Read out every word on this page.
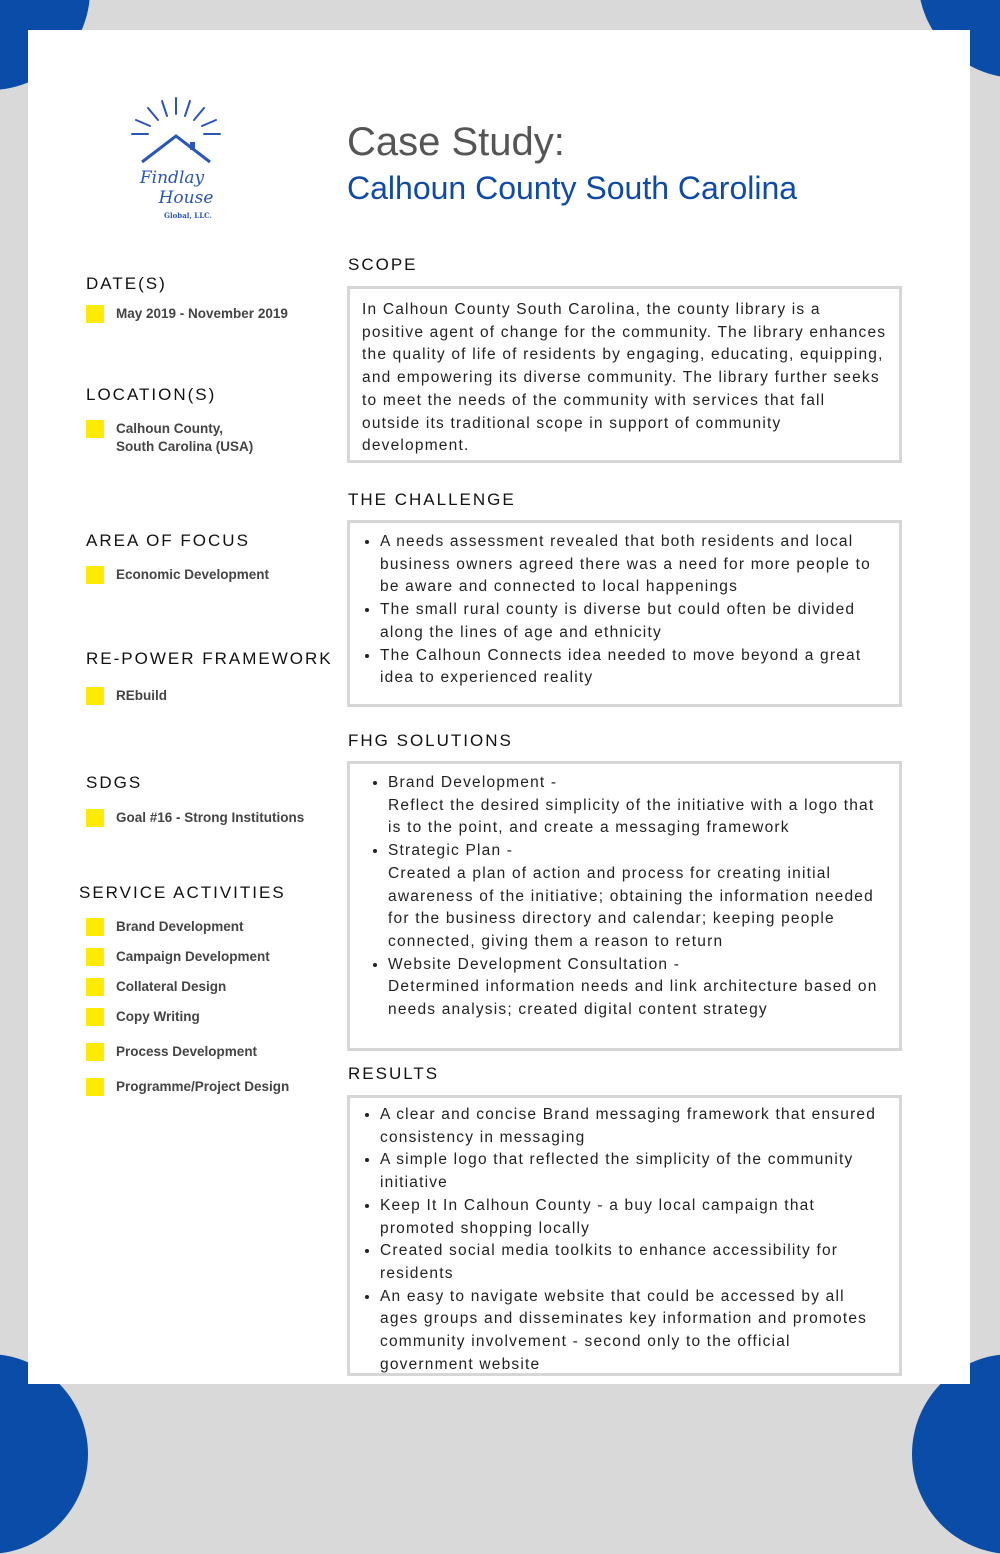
Findlay
House
Global, LLC.
Case Study:
Calhoun County South Carolina
DATE(S)
May 2019 - November 2019
LOCATION(S)
Calhoun County,
South Carolina (USA)
AREA OF FOCUS
Economic Development
RE-POWER FRAMEWORK
REbuild
SDGS
Goal #16 - Strong Institutions
SERVICE ACTIVITIES
Brand Development
Campaign Development
Collateral Design
Copy Writing
Process Development
Programme/Project Design
SCOPE

In Calhoun County South Carolina, the county library is a positive agent of change for the community. The library enhances the quality of life of residents by engaging, educating, equipping, and empowering its diverse community. The library further seeks to meet the needs of the community with services that fall outside its traditional scope in support of community development.

THE CHALLENGE
• A needs assessment revealed that both residents and local business owners agreed there was a need for more people to be aware and connected to local happenings
• The small rural county is diverse but could often be divided along the lines of age and ethnicity
• The Calhoun Connects idea needed to move beyond a great idea to experienced reality
FHG SOLUTIONS
• Brand Development -
Reflect the desired simplicity of the initiative with a logo that is to the point, and create a messaging framework
• Strategic Plan -
Created a plan of action and process for creating initial awareness of the initiative; obtaining the information needed for the business directory and calendar; keeping people connected, giving them a reason to return
• Website Development Consultation -
Determined information needs and link architecture based on needs analysis; created digital content strategy
RESULTS
• A clear and concise Brand messaging framework that ensured consistency in messaging
• A simple logo that reflected the simplicity of the community initiative
• Keep It In Calhoun County - a buy local campaign that promoted shopping locally
• Created social media toolkits to enhance accessibility for residents
• An easy to navigate website that could be accessed by all ages groups and disseminates key information and promotes community involvement - second only to the official government website
